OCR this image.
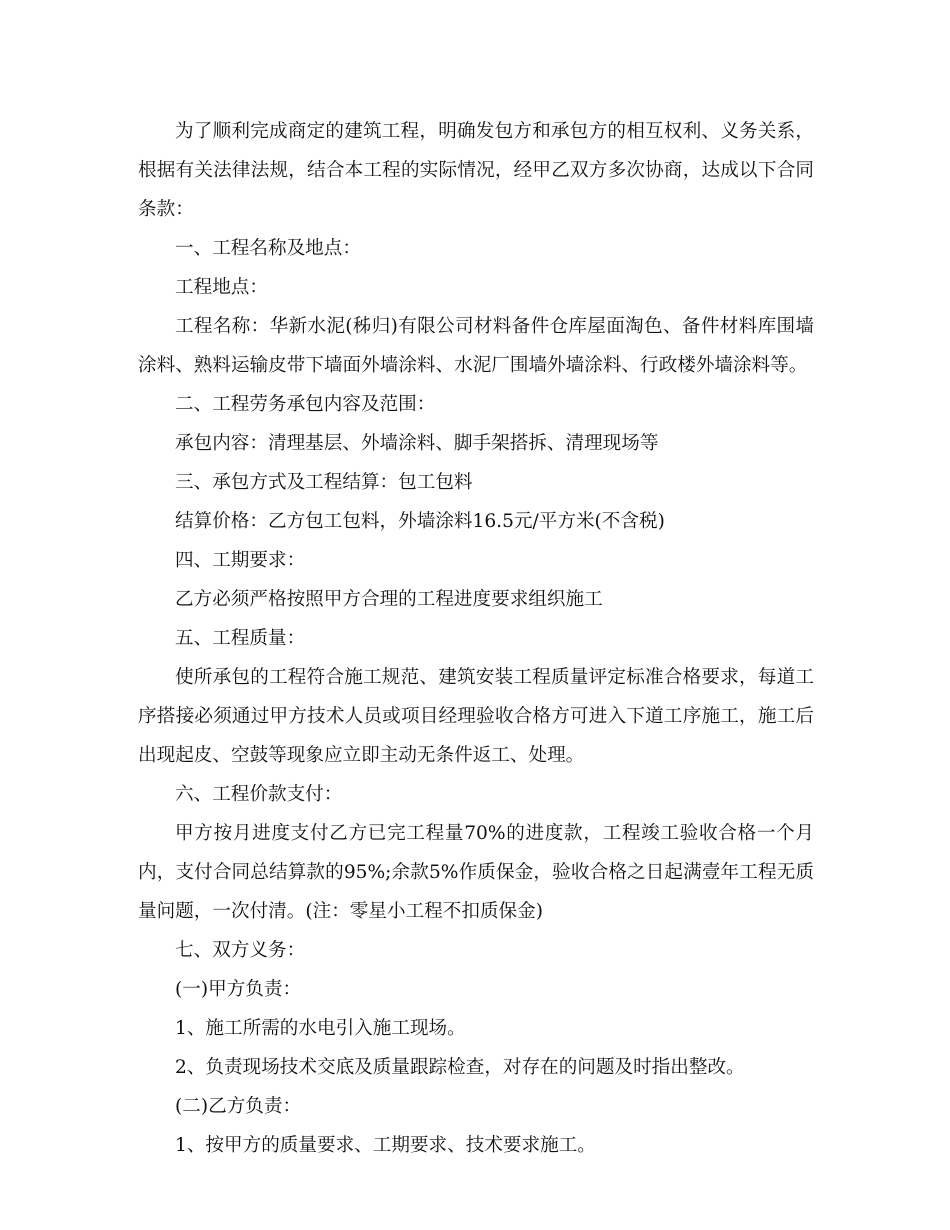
为了顺利完成商定的建筑工程，明确发包方和承包方的相互权利、义务关系，根据有关法律法规，结合本工程的实际情况，经甲乙双方多次协商，达成以下合同条款：

一、工程名称及地点：

工程地点：

工程名称：华新水泥(秭归)有限公司材料备件仓库屋面淘色、备件材料库围墙涂料、熟料运输皮带下墙面外墙涂料、水泥厂围墙外墙涂料、行政楼外墙涂料等。

二、工程劳务承包内容及范围：

承包内容：清理基层、外墙涂料、脚手架搭拆、清理现场等

三、承包方式及工程结算：包工包料

结算价格：乙方包工包料，外墙涂料16.5元/平方米(不含税)

四、工期要求：

乙方必须严格按照甲方合理的工程进度要求组织施工

五、工程质量：

使所承包的工程符合施工规范、建筑安装工程质量评定标准合格要求，每道工序搭接必须通过甲方技术人员或项目经理验收合格方可进入下道工序施工，施工后出现起皮、空鼓等现象应立即主动无条件返工、处理。

六、工程价款支付：

甲方按月进度支付乙方已完工程量70%的进度款，工程竣工验收合格一个月内，支付合同总结算款的95%;余款5%作质保金，验收合格之日起满壹年工程无质量问题，一次付清。(注：零星小工程不扣质保金)

七、双方义务：

(一)甲方负责：

1、施工所需的水电引入施工现场。

2、负责现场技术交底及质量跟踪检查，对存在的问题及时指出整改。

(二)乙方负责：

1、按甲方的质量要求、工期要求、技术要求施工。
